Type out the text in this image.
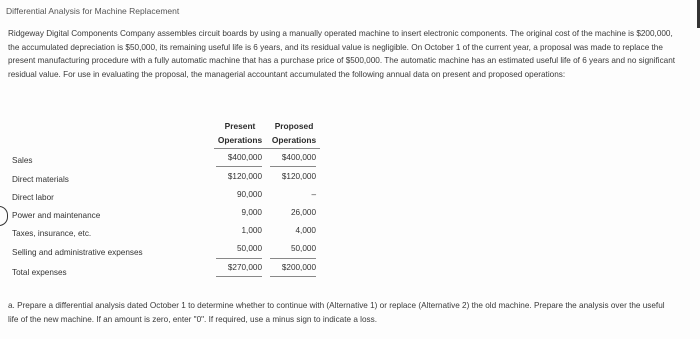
Differential Analysis for Machine Replacement
Ridgeway Digital Components Company assembles circuit boards by using a manually operated machine to insert electronic components. The original cost of the machine is $200,000, the accumulated depreciation is $50,000, its remaining useful life is 6 years, and its residual value is negligible. On October 1 of the current year, a proposal was made to replace the present manufacturing procedure with a fully automatic machine that has a purchase price of $500,000. The automatic machine has an estimated useful life of 6 years and no significant residual value. For use in evaluating the proposal, the managerial accountant accumulated the following annual data on present and proposed operations:
Present Operations
Proposed Operations
Sales
Direct materials
Direct labor
Power and maintenance
Taxes, insurance, etc.
Selling and administrative expenses
Total expenses
$400,000
$120,000
90,000
9,000
1,000
50,000
$270,000
$400,000
$120,000
–
26,000
4,000
50,000
$200,000
a. Prepare a differential analysis dated October 1 to determine whether to continue with (Alternative 1) or replace (Alternative 2) the old machine. Prepare the analysis over the useful life of the new machine. If an amount is zero, enter "0". If required, use a minus sign to indicate a loss.
